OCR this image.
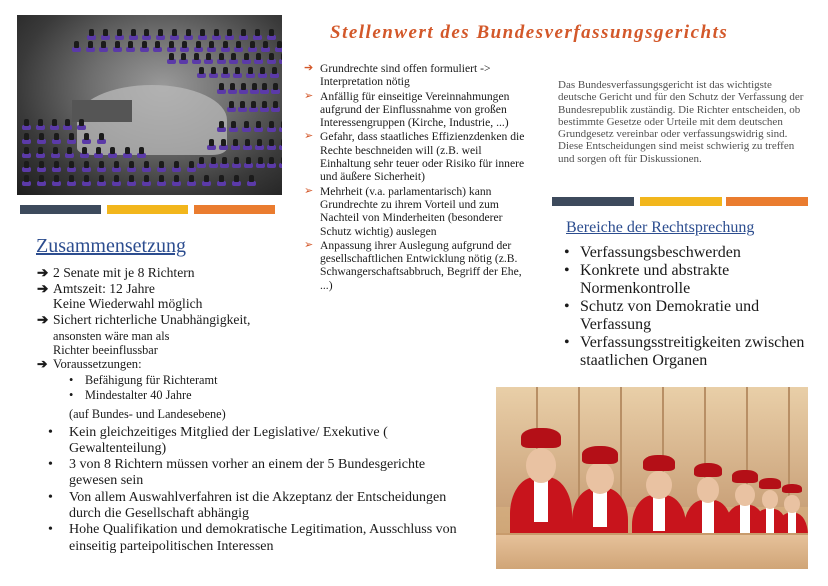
Stellenwert des Bundesverfassungsgerichts
➔ Grundrechte sind offen formuliert -> Interpretation nötig
➢ Anfällig für einseitige Vereinnahmungen aufgrund der Einflussnahme von großen Interessengruppen (Kirche, Industrie, ...)
➢ Gefahr, dass staatliches Effizienzdenken die Rechte beschneiden will (z.B. weil Einhaltung sehr teuer oder Risiko für innere und äußere Sicherheit)
➢ Mehrheit (v.a. parlamentarisch) kann Grundrechte zu ihrem Vorteil und zum Nachteil von Minderheiten (besonderer Schutz wichtig) auslegen
➢ Anpassung ihrer Auslegung aufgrund der gesellschaftlichen Entwicklung nötig (z.B. Schwangerschaftsabbruch, Begriff der Ehe, ...)
Das Bundesverfassungsgericht ist das wichtigste deutsche Gericht und für den Schutz der Verfassung der Bundesrepublik zuständig. Die Richter entscheiden, ob bestimmte Gesetze oder Urteile mit dem deutschen Grundgesetz vereinbar oder verfassungswidrig sind. Diese Entscheidungen sind meist schwierig zu treffen und sorgen oft für Diskussionen.
Bereiche der Rechtsprechung
• Verfassungsbeschwerden
• Konkrete und abstrakte Normenkontrolle
• Schutz von Demokratie und Verfassung
• Verfassungsstreitigkeiten zwischen staatlichen Organen
Zusammensetzung
➔ 2 Senate mit je 8 Richtern
➔ Amtszeit: 12 Jahre
Keine Wiederwahl möglich
➔ Sichert richterliche Unabhängigkeit,
ansonsten wäre man als
Richter beeinflussbar
➔ Voraussetzungen:
• Befähigung für Richteramt
• Mindestalter 40 Jahre
(auf Bundes- und Landesebene)
• Kein gleichzeitiges Mitglied der Legislative/ Exekutive ( Gewaltenteilung)
• 3 von 8 Richtern müssen vorher an einem der 5 Bundesgerichte gewesen sein
• Von allem Auswahlverfahren ist die Akzeptanz der Entscheidungen durch die Gesellschaft abhängig
• Hohe Qualifikation und demokratische Legitimation, Ausschluss von einseitig parteipolitischen Interessen
